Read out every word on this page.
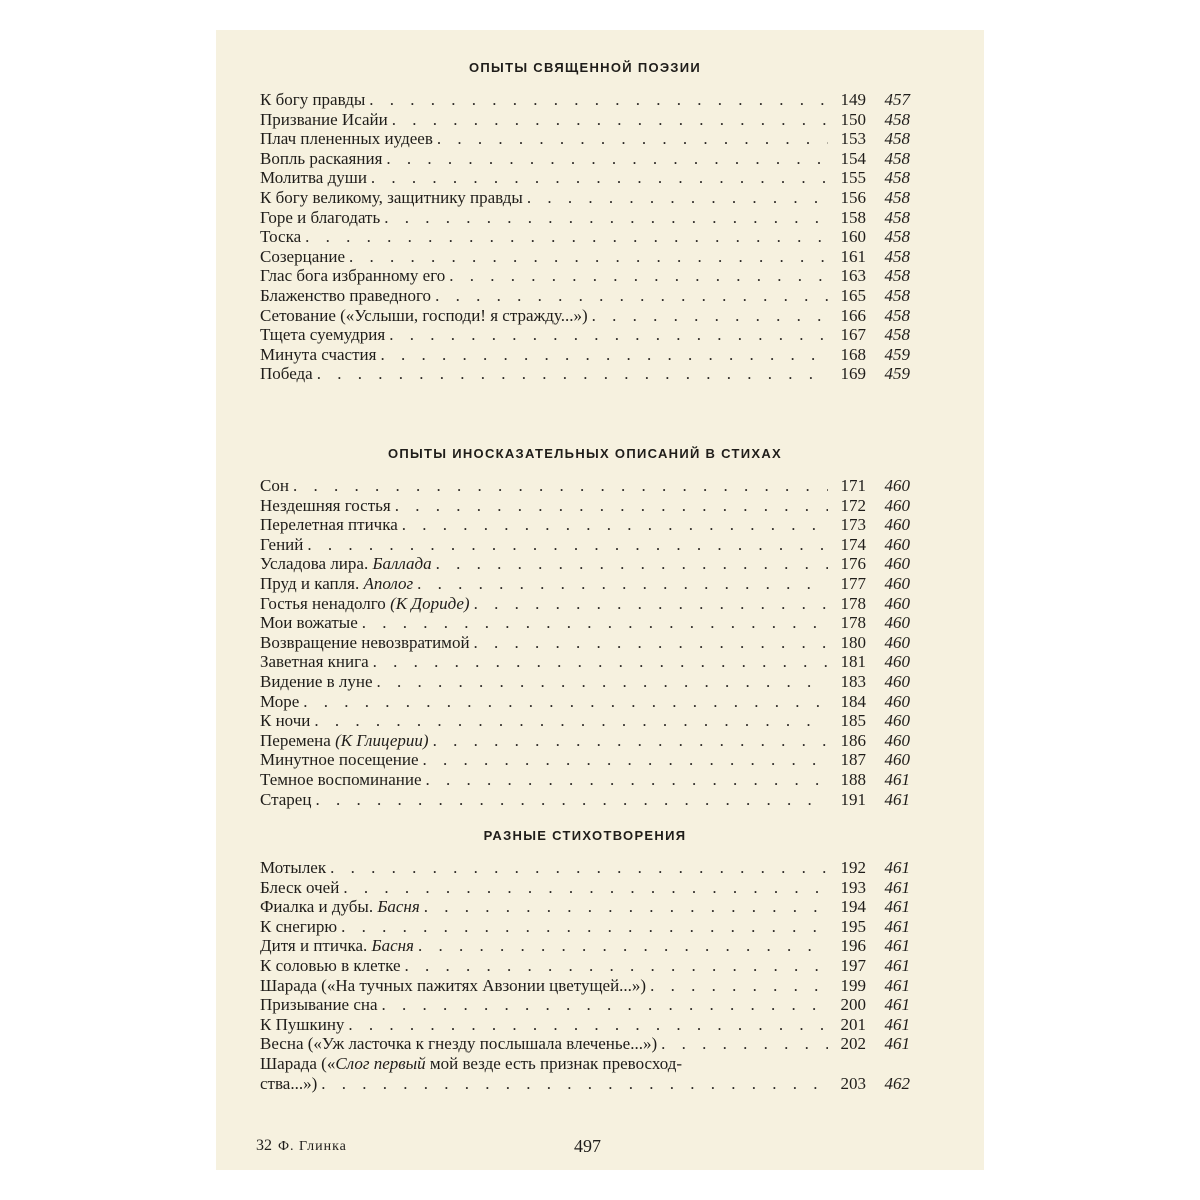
ОПЫТЫ СВЯЩЕННОЙ ПОЭЗИИ
К богу правды . . .	149	457
Призвание Исайи . . .	150	458
Плач плененных иудеев . . .	153	458
Вопль раскаяния . . .	154	458
Молитва души . . .	155	458
К богу великому, защитнику правды . . .	156	458
Горе и благодать . . .	158	458
Тоска . . .	160	458
Созерцание . . .	161	458
Глас бога избранному его . . .	163	458
Блаженство праведного . . .	165	458
Сетование («Услыши, господи! я стражду...») . . .	166	458
Тщета суемудрия . . .	167	458
Минута счастия . . .	168	459
Победа . . .	169	459
ОПЫТЫ ИНОСКАЗАТЕЛЬНЫХ ОПИСАНИЙ В СТИХАХ
Сон . . .	171	460
Нездешняя гостья . . .	172	460
Перелетная птичка . . .	173	460
Гений . . .	174	460
Усладова лира. Баллада . . .	176	460
Пруд и капля. Аполог . . .	177	460
Гостья ненадолго (К Дориде) . . .	178	460
Мои вожатые . . .	178	460
Возвращение невозвратимой . . .	180	460
Заветная книга . . .	181	460
Видение в луне . . .	183	460
Море . . .	184	460
К ночи . . .	185	460
Перемена (К Глицерии) . . .	186	460
Минутное посещение . . .	187	460
Темное воспоминание . . .	188	461
Старец . . .	191	461
РАЗНЫЕ СТИХОТВОРЕНИЯ
Мотылек . . .	192	461
Блеск очей . . .	193	461
Фиалка и дубы. Басня . . .	194	461
К снегирю . . .	195	461
Дитя и птичка. Басня . . .	196	461
К соловью в клетке . . .	197	461
Шарада («На тучных пажитях Авзонии цветущей...») . . .	199	461
Призывание сна . . .	200	461
К Пушкину . . .	201	461
Весна («Уж ласточка к гнезду послышала влеченье...») . . .	202	461
Шарада («Слог первый мой везде есть признак превосход-
ства...») . . .	203	462
32 Ф. Глинка	497
